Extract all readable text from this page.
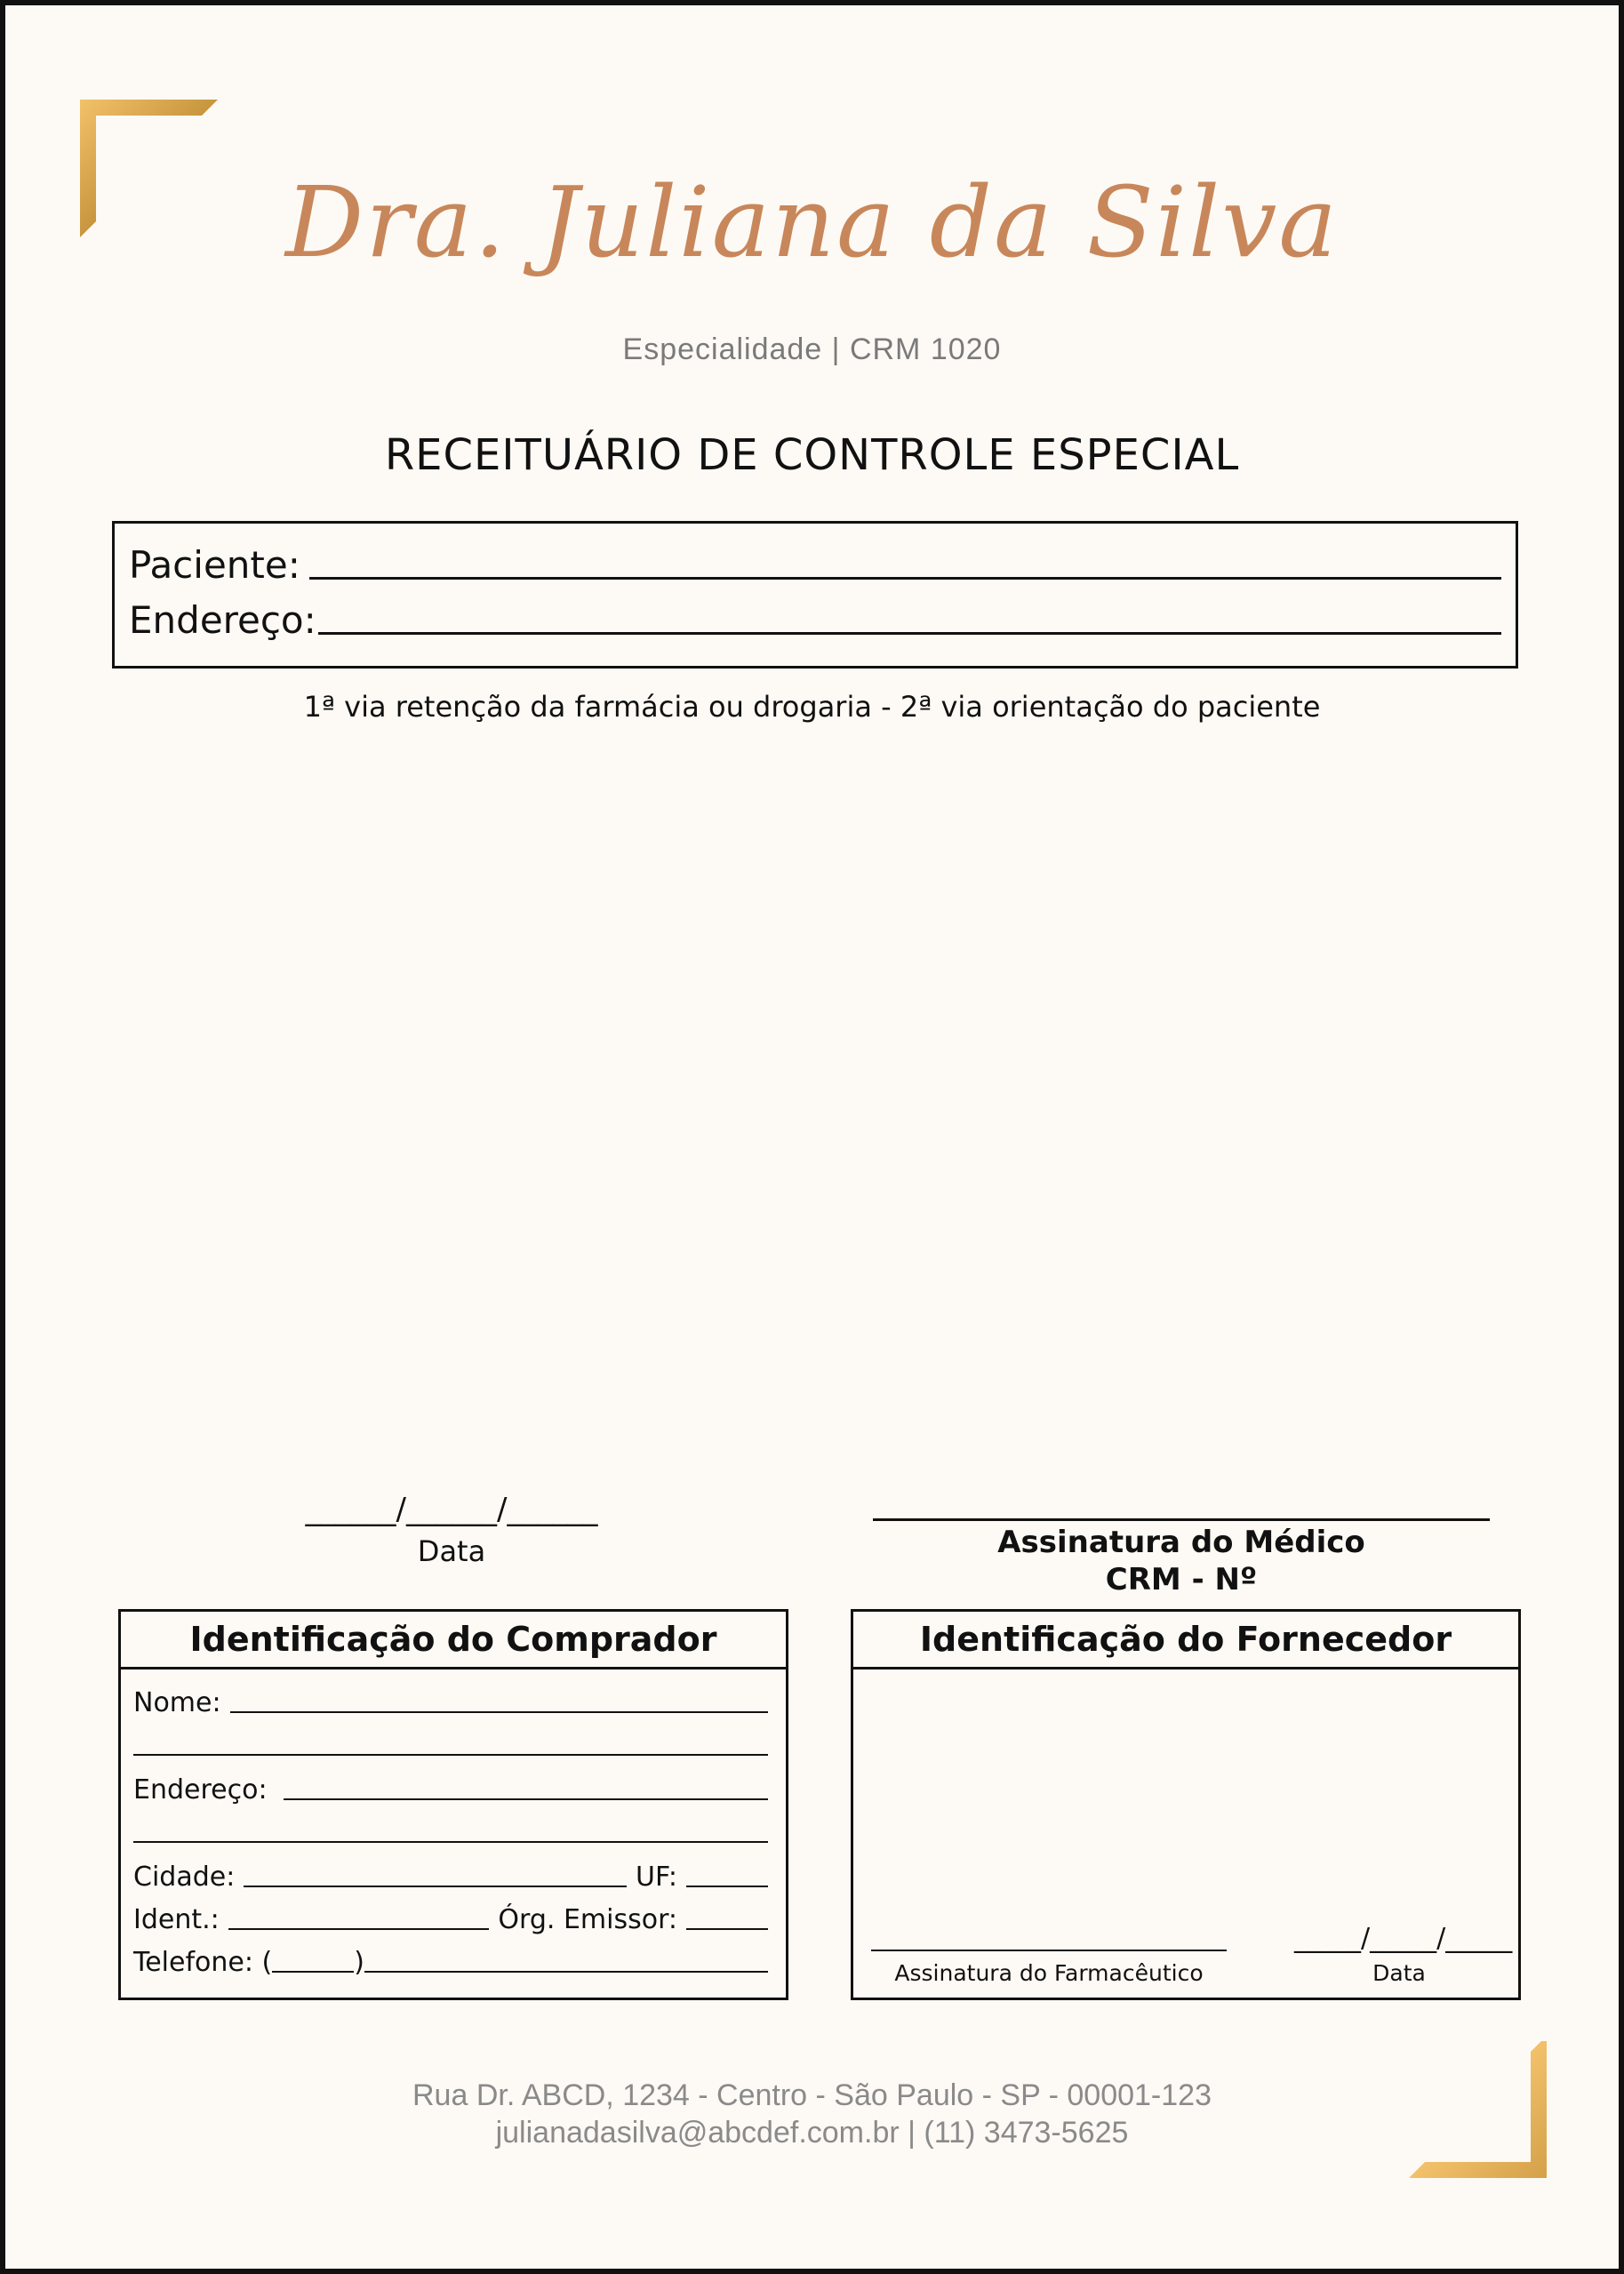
Dra. Juliana da Silva
Especialidade | CRM 1020
RECEITUÁRIO DE CONTROLE ESPECIAL
Paciente:
Endereço:
1ª via retenção da farmácia ou drogaria - 2ª via orientação do paciente
______/______/______
Data	Assinatura do Médico
CRM - Nº
Identificação do Comprador
Nome:
Endereço:
Cidade:	UF:
Ident.:	Órg. Emissor:
Telefone: (	)
Identificação do Fornecedor
Assinatura do Farmacêutico
_____/_____/_____
Data
Rua Dr. ABCD, 1234 - Centro - São Paulo - SP - 00001-123
julianadasilva@abcdef.com.br | (11) 3473-5625
